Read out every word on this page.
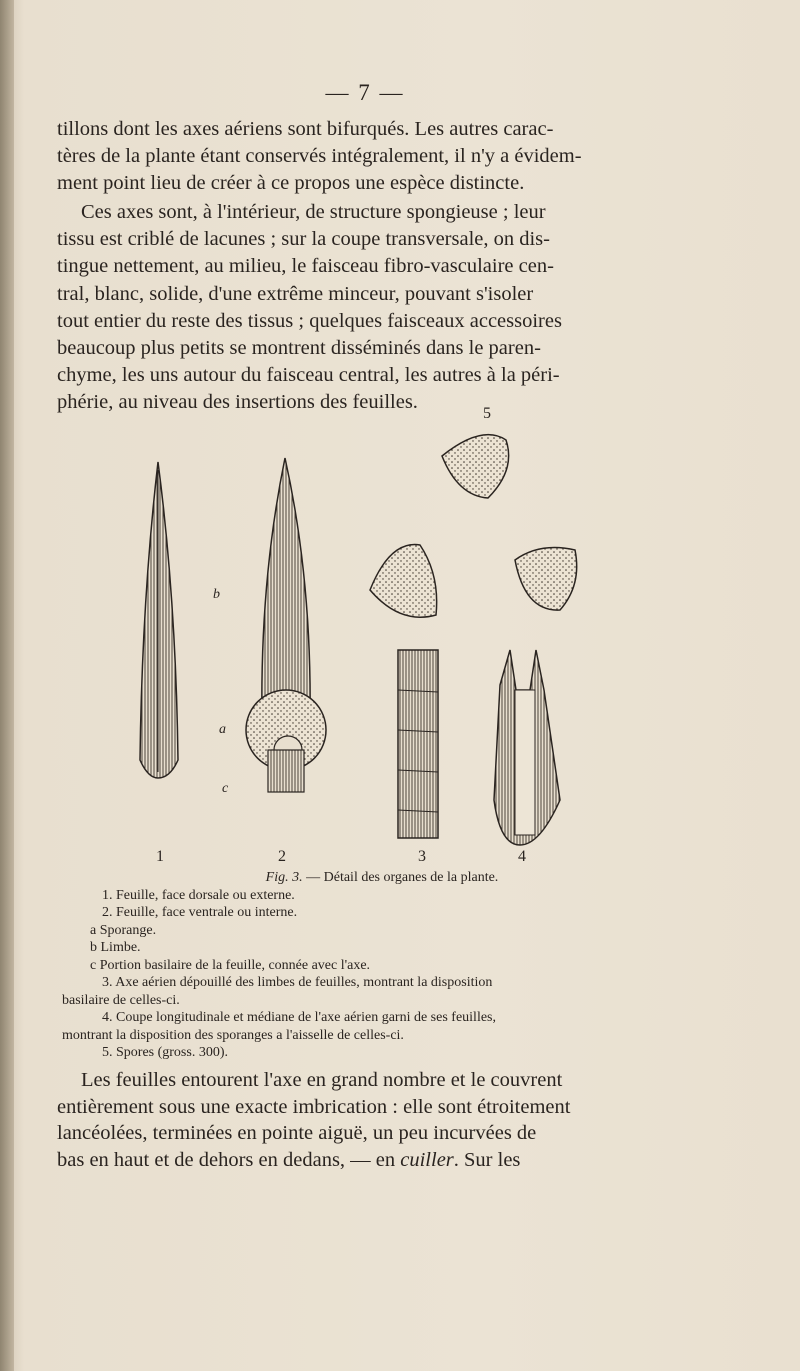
— 7 —

tillons dont les axes aériens sont bifurqués. Les autres carac-
tères de la plante étant conservés intégralement, il n'y a évidem-
ment point lieu de créer à ce propos une espèce distincte.

Ces axes sont, à l'intérieur, de structure spongieuse ; leur
tissu est criblé de lacunes ; sur la coupe transversale, on dis-
tingue nettement, au milieu, le faisceau fibro-vasculaire cen-
tral, blanc, solide, d'une extrême minceur, pouvant s'isoler
tout entier du reste des tissus ; quelques faisceaux accessoires
beaucoup plus petits se montrent disséminés dans le paren-
chyme, les uns autour du faisceau central, les autres à la péri-
phérie, au niveau des insertions des feuilles.

b
a
c
1	2	3	4
5
Fig. 3. — Détail des organes de la plante.
1. Feuille, face dorsale ou externe.
2. Feuille, face ventrale ou interne.
a Sporange.
b Limbe.
c Portion basilaire de la feuille, connée avec l'axe.
3. Axe aérien dépouillé des limbes de feuilles, montrant la disposition
basilaire de celles-ci.
4. Coupe longitudinale et médiane de l'axe aérien garni de ses feuilles,
montrant la disposition des sporanges a l'aisselle de celles-ci.
5. Spores (gross. 300).

Les feuilles entourent l'axe en grand nombre et le couvrent
entièrement sous une exacte imbrication : elle sont étroitement
lancéolées, terminées en pointe aiguë, un peu incurvées de
bas en haut et de dehors en dedans, — en cuiller. Sur les
